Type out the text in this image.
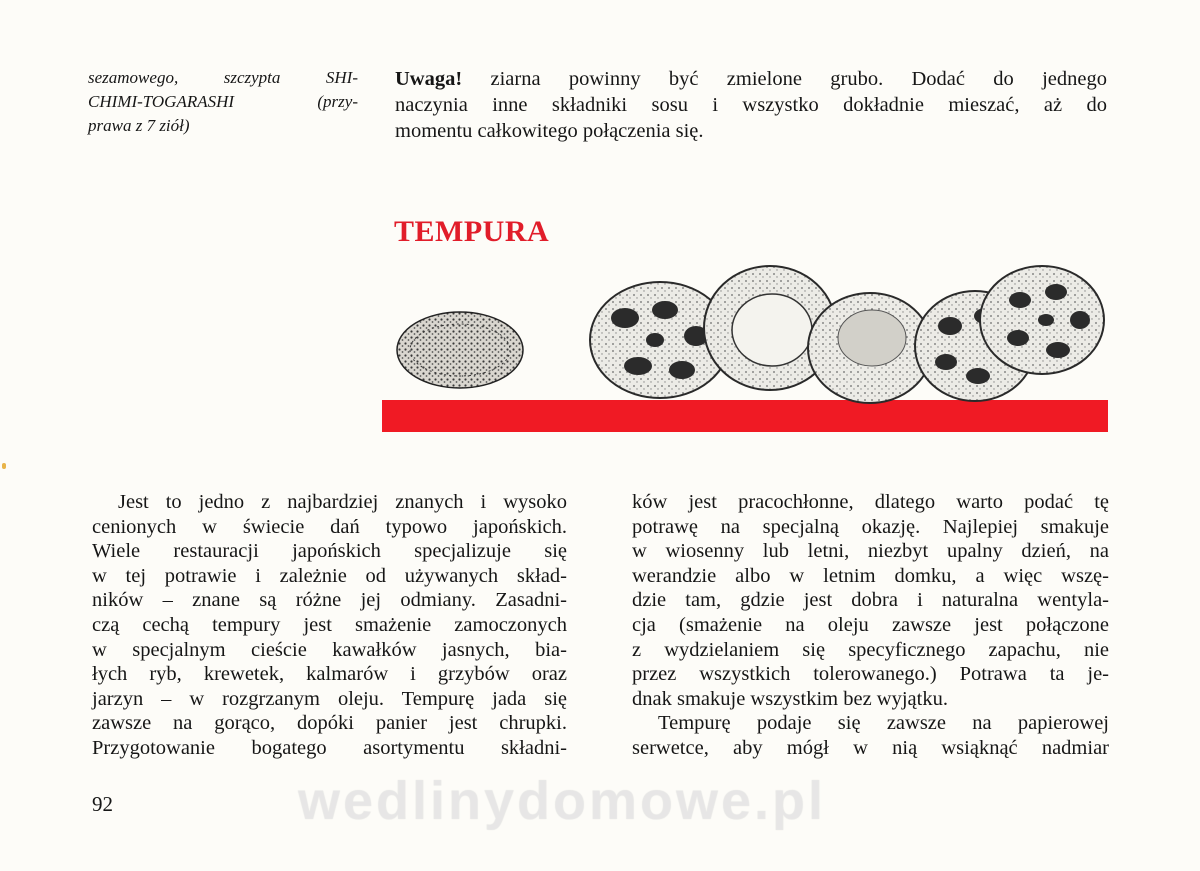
sezamowego, szczypta SHI-
CHIMI-TOGARASHI (przy-
prawa z 7 ziół)
Uwaga! ziarna powinny być zmielone grubo. Dodać do jednego
naczynia inne składniki sosu i wszystko dokładnie mieszać, aż do
momentu całkowitego połączenia się.
TEMPURA
Jest to jedno z najbardziej znanych i wysoko
cenionych w świecie dań typowo japońskich.
Wiele restauracji japońskich specjalizuje się
w tej potrawie i zależnie od używanych skład-
ników – znane są różne jej odmiany. Zasadni-
czą cechą tempury jest smażenie zamoczonych
w specjalnym cieście kawałków jasnych, bia-
łych ryb, krewetek, kalmarów i grzybów oraz
jarzyn – w rozgrzanym oleju. Tempurę jada się
zawsze na gorąco, dopóki panier jest chrupki.
Przygotowanie bogatego asortymentu składni-
ków jest pracochłonne, dlatego warto podać tę
potrawę na specjalną okazję. Najlepiej smakuje
w wiosenny lub letni, niezbyt upalny dzień, na
werandzie albo w letnim domku, a więc wszę-
dzie tam, gdzie jest dobra i naturalna wentyla-
cja (smażenie na oleju zawsze jest połączone
z wydzielaniem się specyficznego zapachu, nie
przez wszystkich tolerowanego.) Potrawa ta je-
dnak smakuje wszystkim bez wyjątku.
Tempurę podaje się zawsze na papierowej
serwetce, aby mógł w nią wsiąknąć nadmiar
92	wedlinydomowe.pl
